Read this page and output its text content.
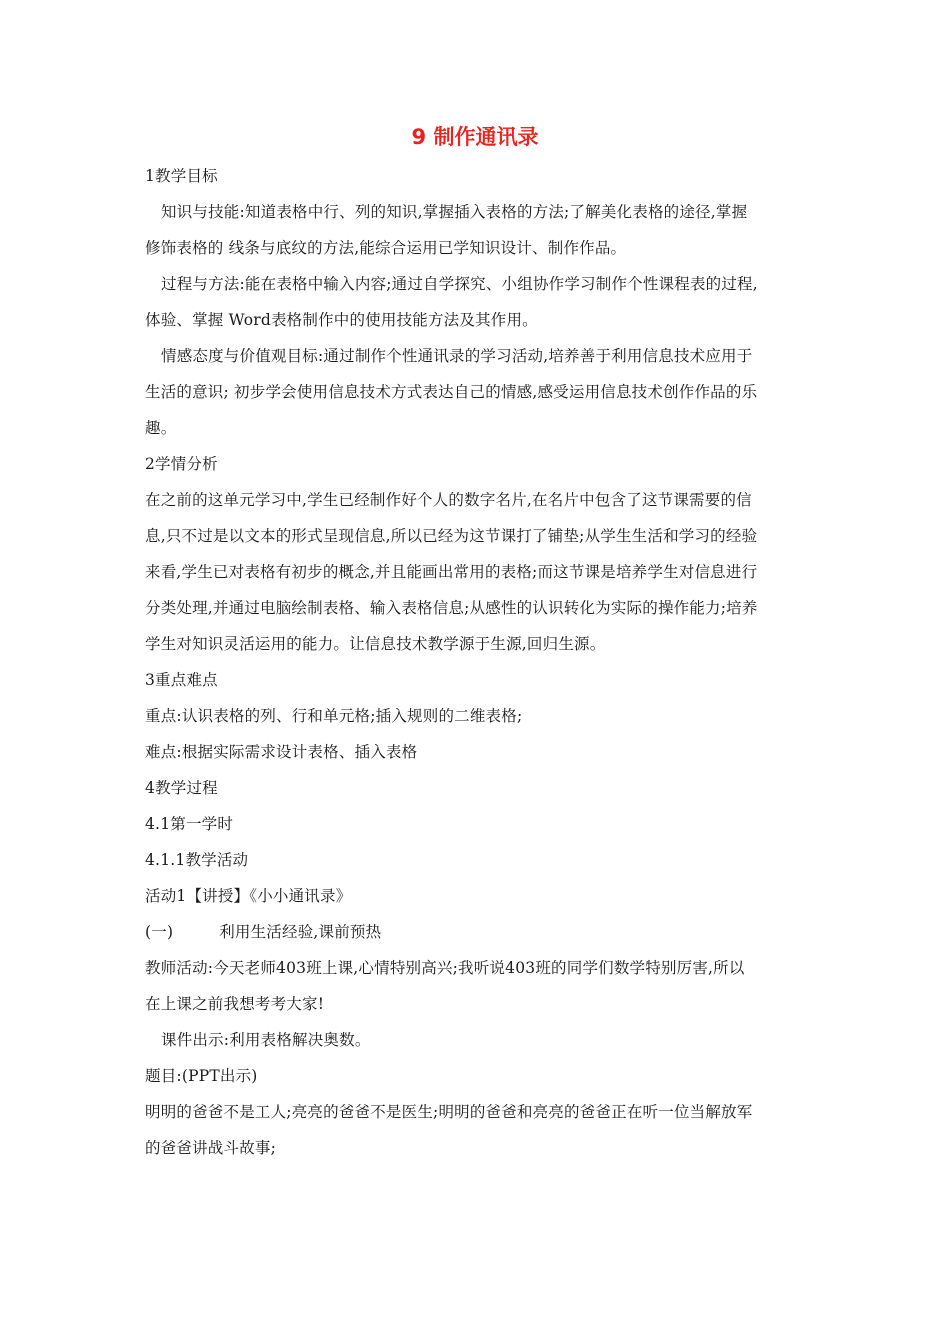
9 制作通讯录
1教学目标
知识与技能:知道表格中行、列的知识,掌握插入表格的方法;了解美化表格的途径,掌握
修饰表格的 线条与底纹的方法,能综合运用已学知识设计、制作作品。
过程与方法:能在表格中输入内容;通过自学探究、小组协作学习制作个性课程表的过程,
体验、掌握 Word表格制作中的使用技能方法及其作用。
情感态度与价值观目标:通过制作个性通讯录的学习活动,培养善于利用信息技术应用于
生活的意识; 初步学会使用信息技术方式表达自己的情感,感受运用信息技术创作作品的乐
趣。
2学情分析
在之前的这单元学习中,学生已经制作好个人的数字名片,在名片中包含了这节课需要的信
息,只不过是以文本的形式呈现信息,所以已经为这节课打了铺垫;从学生生活和学习的经验
来看,学生已对表格有初步的概念,并且能画出常用的表格;而这节课是培养学生对信息进行
分类处理,并通过电脑绘制表格、输入表格信息;从感性的认识转化为实际的操作能力;培养
学生对知识灵活运用的能力。让信息技术教学源于生源,回归生源。
3重点难点
重点:认识表格的列、行和单元格;插入规则的二维表格;
难点:根据实际需求设计表格、插入表格
4教学过程
4.1第一学时
4.1.1教学活动
活动1【讲授】《小小通讯录》
(一)	利用生活经验,课前预热
教师活动:今天老师403班上课,心情特别高兴;我听说403班的同学们数学特别厉害,所以
在上课之前我想考考大家!
课件出示:利用表格解决奥数。
题目:(PPT出示)
明明的爸爸不是工人;亮亮的爸爸不是医生;明明的爸爸和亮亮的爸爸正在听一位当解放军
的爸爸讲战斗故事;
